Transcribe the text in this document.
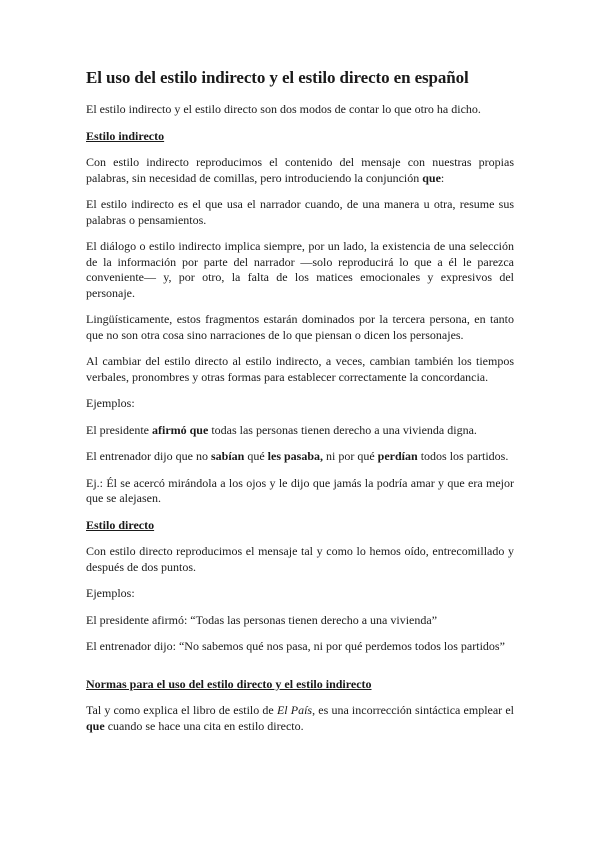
El uso del estilo indirecto y el estilo directo en español

El estilo indirecto y el estilo directo son dos modos de contar lo que otro ha dicho.

Estilo indirecto

Con estilo indirecto reproducimos el contenido del mensaje con nuestras propias palabras, sin necesidad de comillas, pero introduciendo la conjunción que:

El estilo indirecto es el que usa el narrador cuando, de una manera u otra, resume sus palabras o pensamientos.

El diálogo o estilo indirecto implica siempre, por un lado, la existencia de una selección de la información por parte del narrador —solo reproducirá lo que a él le parezca conveniente— y, por otro, la falta de los matices emocionales y expresivos del personaje.

Lingüísticamente, estos fragmentos estarán dominados por la tercera persona, en tanto que no son otra cosa sino narraciones de lo que piensan o dicen los personajes.

Al cambiar del estilo directo al estilo indirecto, a veces, cambian también los tiempos verbales, pronombres y otras formas para establecer correctamente la concordancia.

Ejemplos:

El presidente afirmó que todas las personas tienen derecho a una vivienda digna.

El entrenador dijo que no sabían qué les pasaba, ni por qué perdían todos los partidos.

Ej.: Él se acercó mirándola a los ojos y le dijo que jamás la podría amar y que era mejor que se alejasen.

Estilo directo

Con estilo directo reproducimos el mensaje tal y como lo hemos oído, entrecomillado y después de dos puntos.

Ejemplos:

El presidente afirmó: “Todas las personas tienen derecho a una vivienda”

El entrenador dijo: “No sabemos qué nos pasa, ni por qué perdemos todos los partidos”

Normas para el uso del estilo directo y el estilo indirecto

Tal y como explica el libro de estilo de El País, es una incorrección sintáctica emplear el que cuando se hace una cita en estilo directo.
